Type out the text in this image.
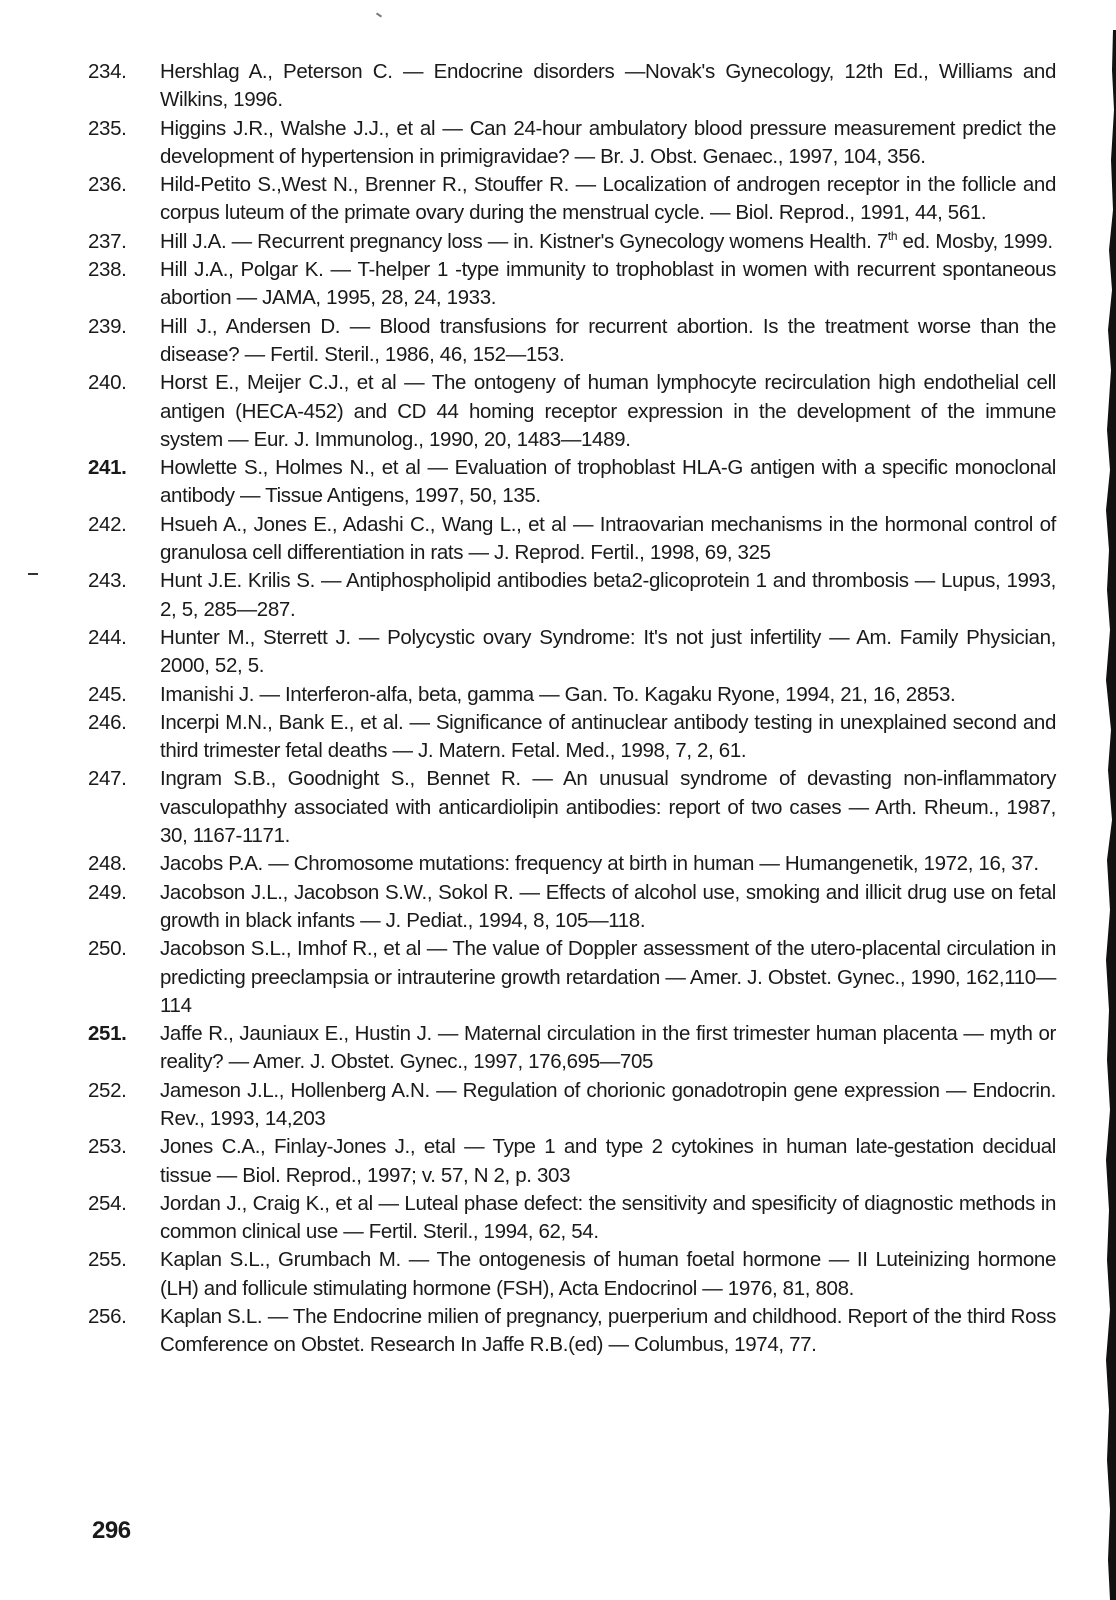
234.	Hershlag A., Peterson C. — Endocrine disorders —Novak's Gynecology, 12th Ed., Williams and Wilkins, 1996.
235.	Higgins J.R., Walshe J.J., et al — Can 24-hour ambulatory blood pressure measurement predict the development of hypertension in primigravidae? — Br. J. Obst. Genaec., 1997, 104, 356.
236.	Hild-Petito S.,West N., Brenner R., Stouffer R. — Localization of androgen receptor in the follicle and corpus luteum of the primate ovary during the menstrual cycle. — Biol. Reprod., 1991, 44, 561.
237.	Hill J.A. — Recurrent pregnancy loss — in. Kistner's Gynecology womens Health. 7th ed. Mosby, 1999.
238.	Hill J.A., Polgar K. — T-helper 1 -type immunity to trophoblast in women with recurrent spontaneous abortion — JAMA, 1995, 28, 24, 1933.
239.	Hill J., Andersen D. — Blood transfusions for recurrent abortion. Is the treatment worse than the disease? — Fertil. Steril., 1986, 46, 152—153.
240.	Horst E., Meijer C.J., et al — The ontogeny of human lymphocyte recirculation high endothelial cell antigen (HECA-452) and CD 44 homing receptor expression in the development of the immune system — Eur. J. Immunolog., 1990, 20, 1483—1489.
241.	Howlette S., Holmes N., et al — Evaluation of trophoblast HLA-G antigen with a specific monoclonal antibody — Tissue Antigens, 1997, 50, 135.
242.	Hsueh A., Jones E., Adashi C., Wang L., et al — Intraovarian mechanisms in the hormonal control of granulosa cell differentiation in rats — J. Reprod. Fertil., 1998, 69, 325
243.	Hunt J.E. Krilis S. — Antiphospholipid antibodies beta2-glicoprotein 1 and thrombosis — Lupus, 1993, 2, 5, 285—287.
244.	Hunter M., Sterrett J. — Polycystic ovary Syndrome: It's not just infertility — Am. Family Physician, 2000, 52, 5.
245.	Imanishi J. — Interferon-alfa, beta, gamma — Gan. To. Kagaku Ryone, 1994, 21, 16, 2853.
246.	Incerpi M.N., Bank E., et al. — Significance of antinuclear antibody testing in unexplained second and third trimester fetal deaths — J. Matern. Fetal. Med., 1998, 7, 2, 61.
247.	Ingram S.B., Goodnight S., Bennet R. — An unusual syndrome of devasting non-inflammatory vasculopathhy associated with anticardiolipin antibodies: report of two cases — Arth. Rheum., 1987, 30, 1167-1171.
248.	Jacobs P.A. — Chromosome mutations: frequency at birth in human — Humangenetik, 1972, 16, 37.
249.	Jacobson J.L., Jacobson S.W., Sokol R. — Effects of alcohol use, smoking and illicit drug use on fetal growth in black infants — J. Pediat., 1994, 8, 105—118.
250.	Jacobson S.L., Imhof R., et al — The value of Doppler assessment of the utero-placental circulation in predicting preeclampsia or intrauterine growth retardation — Amer. J. Obstet. Gynec., 1990, 162,110—114
251.	Jaffe R., Jauniaux E., Hustin J. — Maternal circulation in the first trimester human placenta — myth or reality? — Amer. J. Obstet. Gynec., 1997, 176,695—705
252.	Jameson J.L., Hollenberg A.N. — Regulation of chorionic gonadotropin gene expression — Endocrin. Rev., 1993, 14,203
253.	Jones C.A., Finlay-Jones J., etal — Type 1 and type 2 cytokines in human late-gestation decidual tissue — Biol. Reprod., 1997; v. 57, N 2, p. 303
254.	Jordan J., Craig K., et al — Luteal phase defect: the sensitivity and spesificity of diagnostic methods in common clinical use — Fertil. Steril., 1994, 62, 54.
255.	Kaplan S.L., Grumbach M. — The ontogenesis of human foetal hormone — II Luteinizing hormone (LH) and follicule stimulating hormone (FSH), Acta Endocrinol — 1976, 81, 808.
256.	Kaplan S.L. — The Endocrine milien of pregnancy, puerperium and childhood. Report of the third Ross Comference on Obstet. Research In Jaffe R.B.(ed) — Columbus, 1974, 77.
296
